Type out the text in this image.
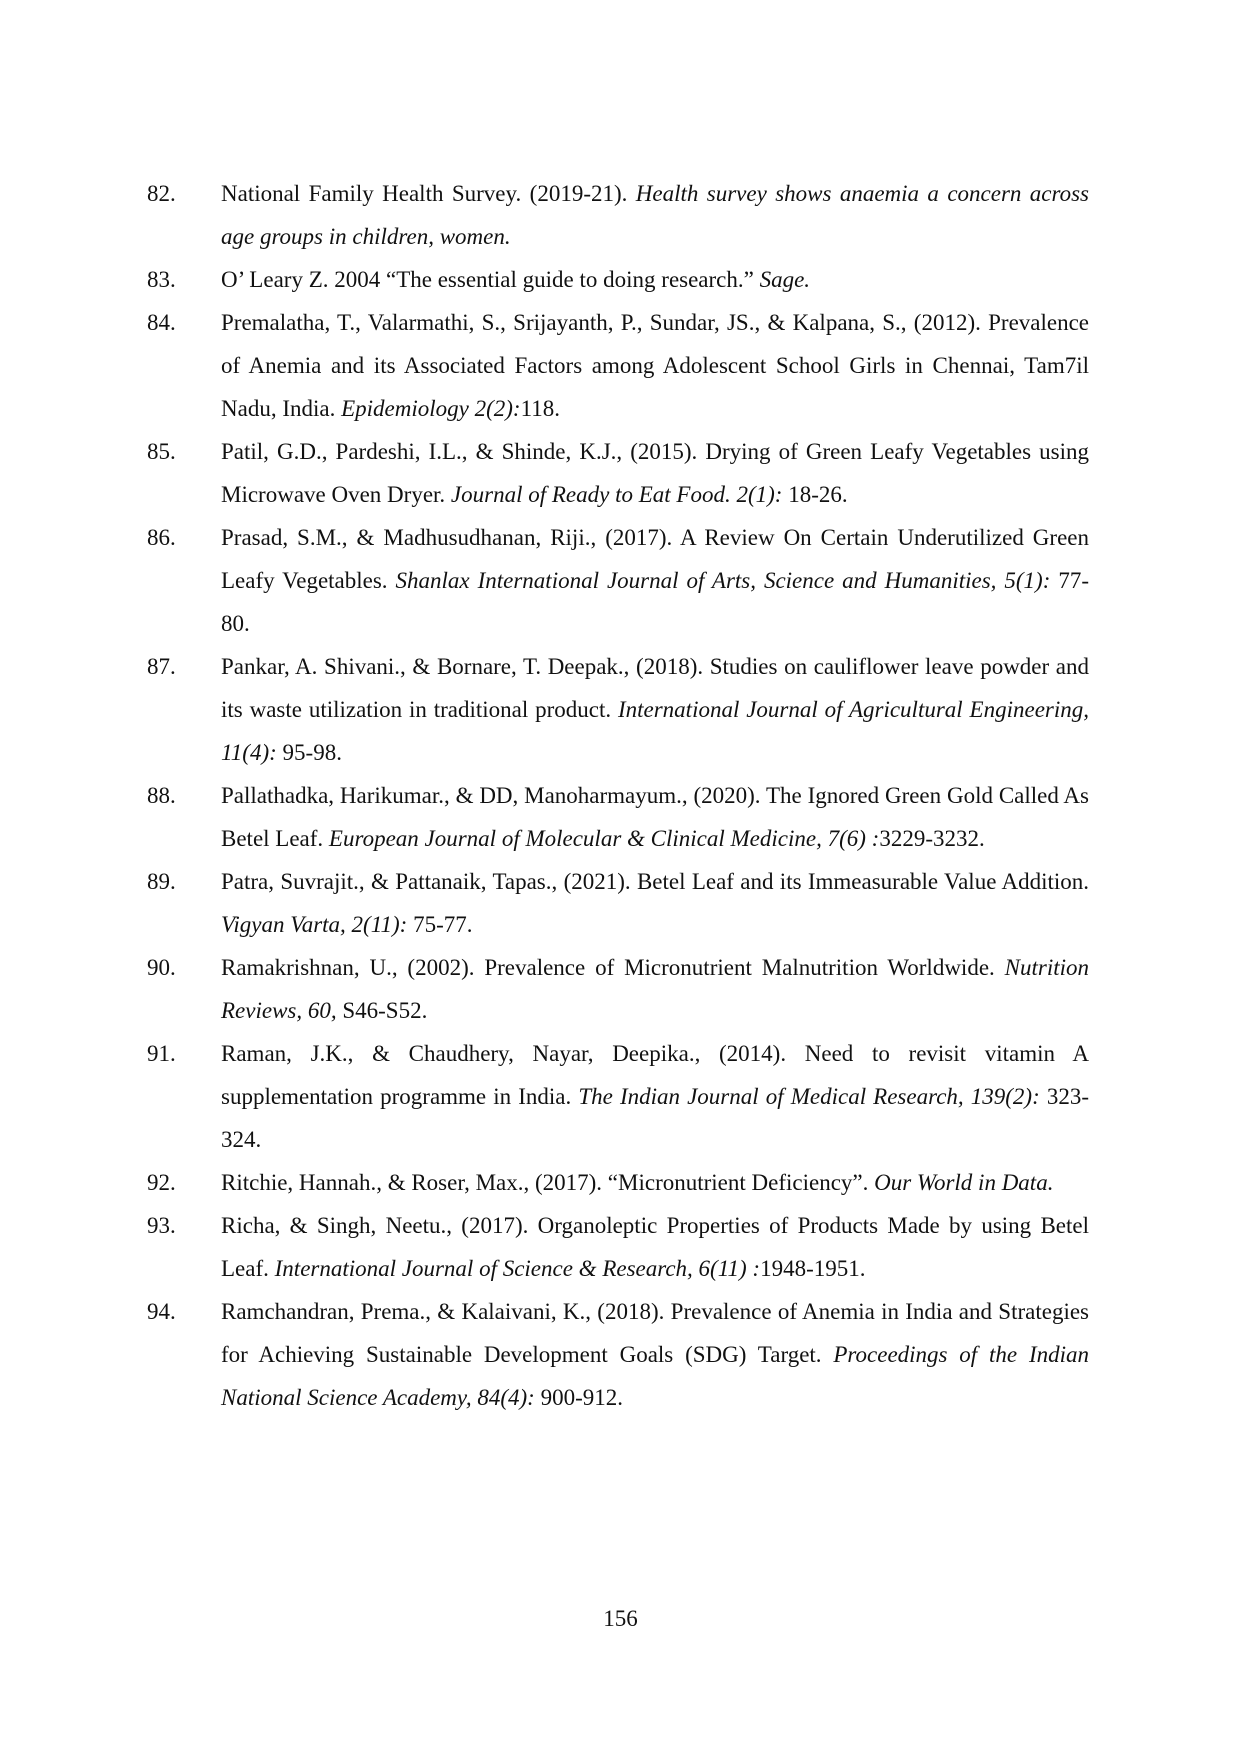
82.	National Family Health Survey. (2019-21). Health survey shows anaemia a concern across age groups in children, women.
83.	O’ Leary Z. 2004 “The essential guide to doing research.” Sage.
84.	Premalatha, T., Valarmathi, S., Srijayanth, P., Sundar, JS., & Kalpana, S., (2012). Prevalence of Anemia and its Associated Factors among Adolescent School Girls in Chennai, Tam7il Nadu, India. Epidemiology 2(2):118.
85.	Patil, G.D., Pardeshi, I.L., & Shinde, K.J., (2015). Drying of Green Leafy Vegetables using Microwave Oven Dryer. Journal of Ready to Eat Food. 2(1): 18-26.
86.	Prasad, S.M., & Madhusudhanan, Riji., (2017). A Review On Certain Underutilized Green Leafy Vegetables. Shanlax International Journal of Arts, Science and Humanities, 5(1): 77-80.
87.	Pankar, A. Shivani., & Bornare, T. Deepak., (2018). Studies on cauliflower leave powder and its waste utilization in traditional product. International Journal of Agricultural Engineering, 11(4): 95-98.
88.	Pallathadka, Harikumar., & DD, Manoharmayum., (2020). The Ignored Green Gold Called As Betel Leaf. European Journal of Molecular & Clinical Medicine, 7(6) :3229-3232.
89.	Patra, Suvrajit., & Pattanaik, Tapas., (2021). Betel Leaf and its Immeasurable Value Addition. Vigyan Varta, 2(11): 75-77.
90.	Ramakrishnan, U., (2002). Prevalence of Micronutrient Malnutrition Worldwide. Nutrition Reviews, 60, S46-S52.
91.	Raman, J.K., & Chaudhery, Nayar, Deepika., (2014). Need to revisit vitamin A supplementation programme in India. The Indian Journal of Medical Research, 139(2): 323-324.
92.	Ritchie, Hannah., & Roser, Max., (2017). “Micronutrient Deficiency”. Our World in Data.
93.	Richa, & Singh, Neetu., (2017). Organoleptic Properties of Products Made by using Betel Leaf. International Journal of Science & Research, 6(11) :1948-1951.
94.	Ramchandran, Prema., & Kalaivani, K., (2018). Prevalence of Anemia in India and Strategies for Achieving Sustainable Development Goals (SDG) Target. Proceedings of the Indian National Science Academy, 84(4): 900-912.
156
